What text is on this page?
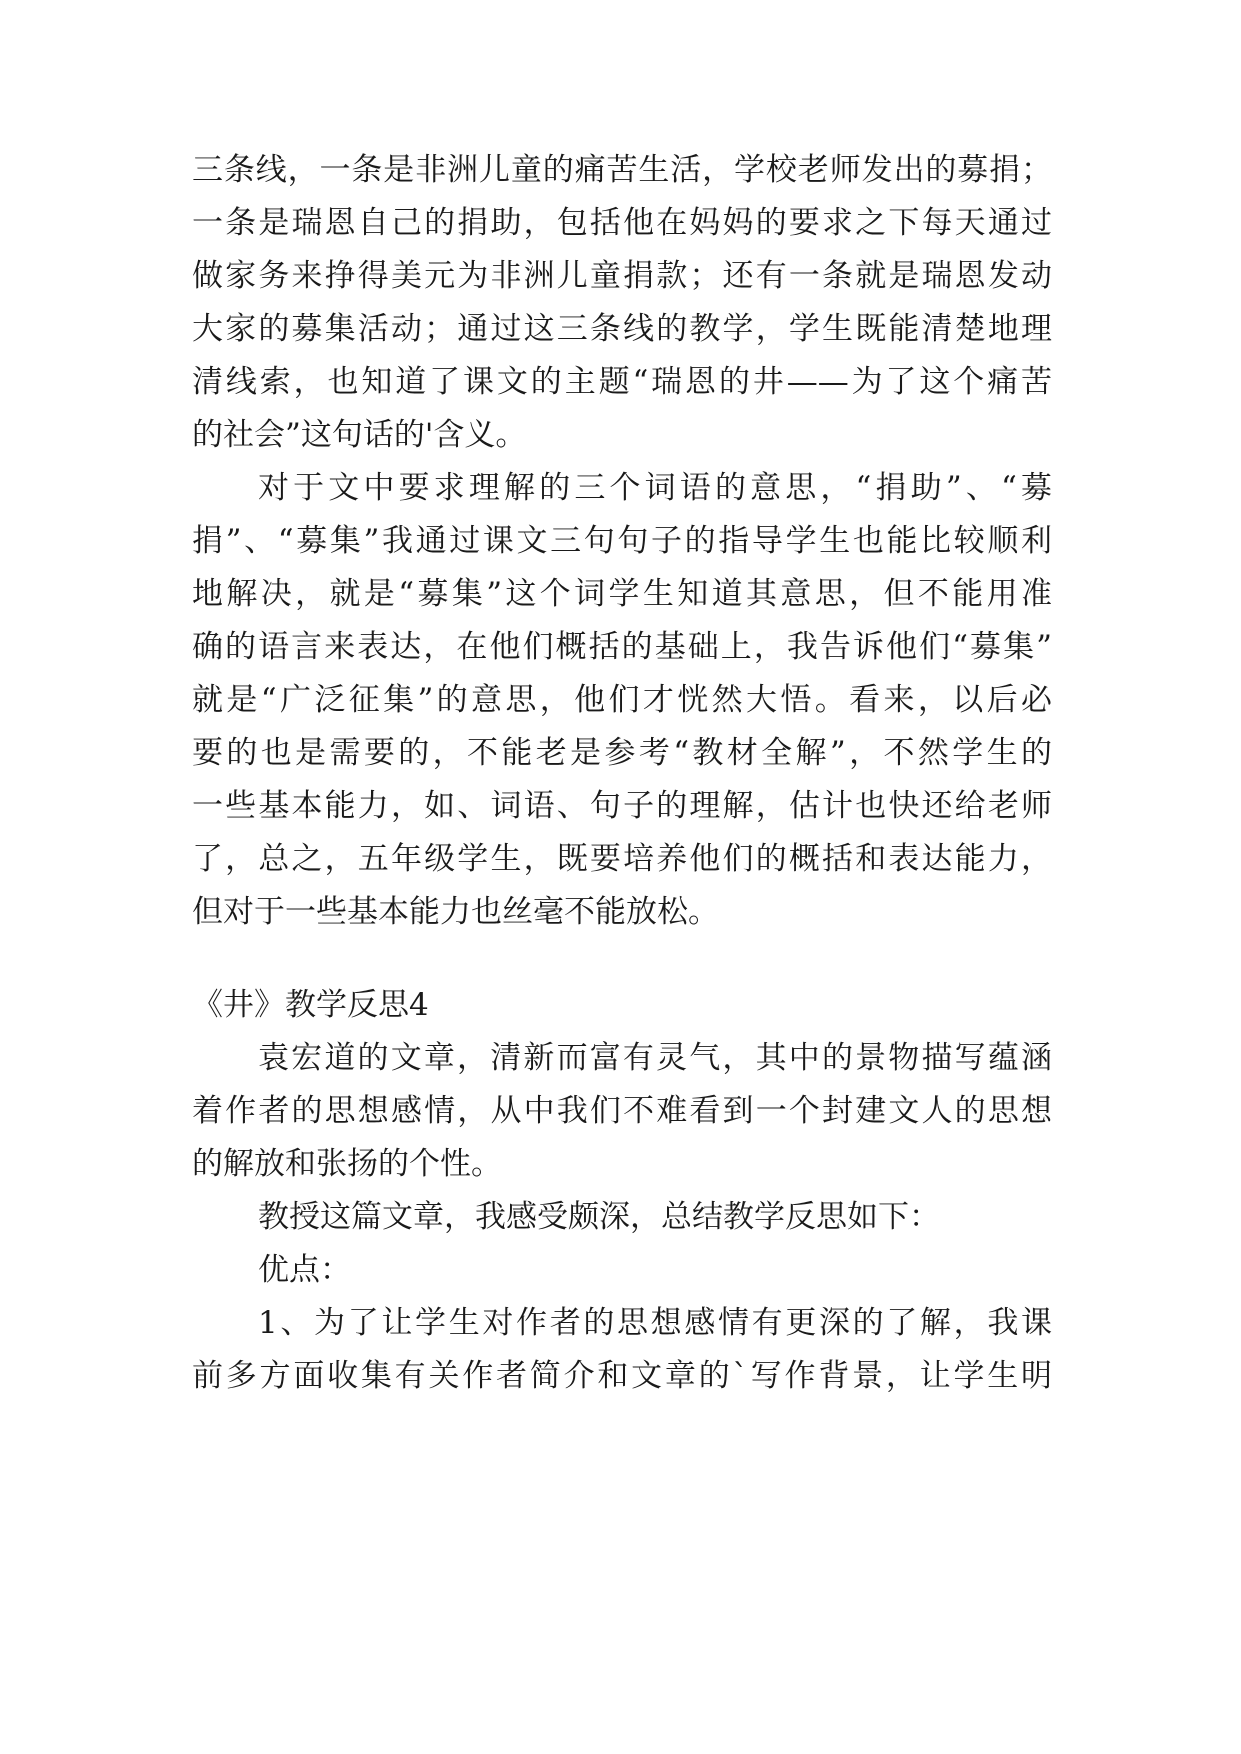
三条线，一条是非洲儿童的痛苦生活，学校老师发出的募捐；
一条是瑞恩自己的捐助，包括他在妈妈的要求之下每天通过
做家务来挣得美元为非洲儿童捐款；还有一条就是瑞恩发动
大家的募集活动；通过这三条线的教学，学生既能清楚地理
清线索，也知道了课文的主题“瑞恩的井——为了这个痛苦
的社会”这句话的'含义。
对于文中要求理解的三个词语的意思，“捐助”、“募
捐”、“募集”我通过课文三句句子的指导学生也能比较顺利
地解决，就是“募集”这个词学生知道其意思，但不能用准
确的语言来表达，在他们概括的基础上，我告诉他们“募集”
就是“广泛征集”的意思，他们才恍然大悟。看来，以后必
要的也是需要的，不能老是参考“教材全解”，不然学生的
一些基本能力，如、词语、句子的理解，估计也快还给老师
了，总之，五年级学生，既要培养他们的概括和表达能力，
但对于一些基本能力也丝毫不能放松。
《井》教学反思4
袁宏道的文章，清新而富有灵气，其中的景物描写蕴涵
着作者的思想感情，从中我们不难看到一个封建文人的思想
的解放和张扬的个性。
教授这篇文章，我感受颇深，总结教学反思如下：
优点：
1、为了让学生对作者的思想感情有更深的了解，我课
前多方面收集有关作者简介和文章的`写作背景，让学生明
